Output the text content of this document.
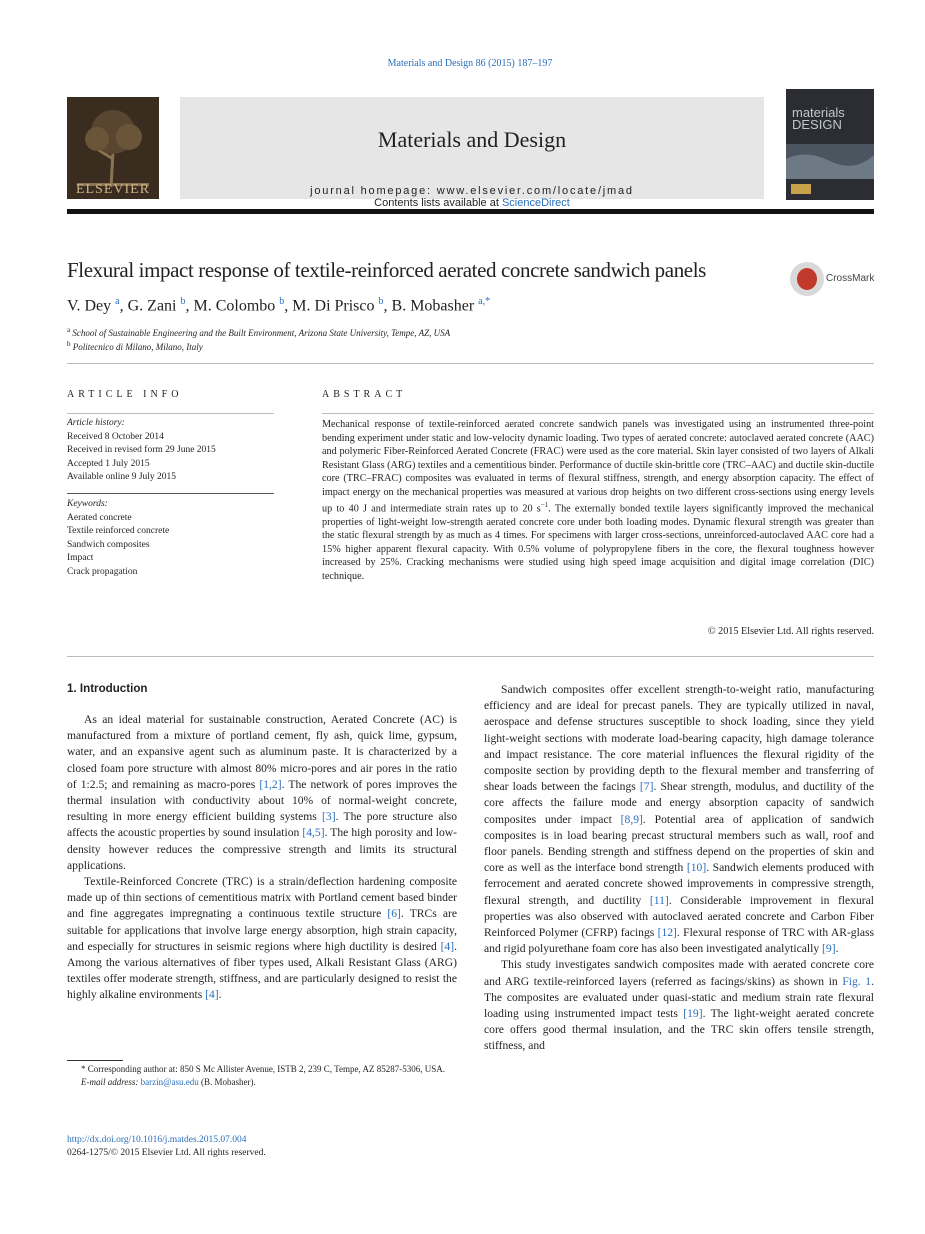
Materials and Design 86 (2015) 187–197
ELSEVIER
Contents lists available at ScienceDirect
Materials and Design
journal homepage: www.elsevier.com/locate/jmad
materials DESIGN
Flexural impact response of textile-reinforced aerated concrete sandwich panels	CrossMark
V. Dey $^a$, G. Zani $^b$, M. Colombo $^b$, M. Di Prisco $^b$, B. Mobasher $^{a,*}$
$^a$ School of Sustainable Engineering and the Built Environment, Arizona State University, Tempe, AZ, USA
$^b$ Politecnico di Milano, Milano, Italy
ARTICLE INFO	ABSTRACT
Article history:
Received 8 October 2014
Received in revised form 29 June 2015
Accepted 1 July 2015
Available online 9 July 2015
Keywords:
Aerated concrete
Textile reinforced concrete
Sandwich composites
Impact
Crack propagation
Mechanical response of textile-reinforced aerated concrete sandwich panels was investigated using an instrumented three-point bending experiment under static and low-velocity dynamic loading. Two types of aerated concrete: autoclaved aerated concrete (AAC) and polymeric Fiber-Reinforced Aerated Concrete (FRAC) were used as the core material. Skin layer consisted of two layers of Alkali Resistant Glass (ARG) textiles and a cementitious binder. Performance of ductile skin-brittle core (TRC–AAC) and ductile skin-ductile core (TRC–FRAC) composites was evaluated in terms of flexural stiffness, strength, and energy absorption capacity. The effect of impact energy on the mechanical properties was measured at various drop heights on two different cross-sections using energy levels up to 40 J and intermediate strain rates up to 20 $s^{-1}$. The externally bonded textile layers significantly improved the mechanical properties of light-weight low-strength aerated concrete core under both loading modes. Dynamic flexural strength was greater than the static flexural strength by as much as 4 times. For specimens with larger cross-sections, unreinforced-autoclaved AAC core had a 15% higher apparent flexural capacity. With 0.5% volume of polypropylene fibers in the core, the flexural toughness however increased by 25%. Cracking mechanisms were studied using high speed image acquisition and digital image correlation (DIC) technique.
© 2015 Elsevier Ltd. All rights reserved.
1. Introduction

As an ideal material for sustainable construction, Aerated Concrete (AC) is manufactured from a mixture of portland cement, fly ash, quick lime, gypsum, water, and an expansive agent such as aluminum paste. It is characterized by a closed foam pore structure with almost 80% micro-pores and air pores in the ratio of 1:2.5; and remaining as macro-pores [1,2]. The network of pores improves the thermal insulation with conductivity about 10% of normal-weight concrete, resulting in more energy efficient building systems [3]. The pore structure also affects the acoustic properties by sound insulation [4,5]. The high porosity and low-density however reduces the compressive strength and limits its structural applications.

Textile-Reinforced Concrete (TRC) is a strain/deflection hardening composite made up of thin sections of cementitious matrix with Portland cement based binder and fine aggregates impregnating a continuous textile structure [6]. TRCs are suitable for applications that involve large energy absorption, high strain capacity, and especially for structures in seismic regions where high ductility is desired [4]. Among the various alternatives of fiber types used, Alkali Resistant Glass (ARG) textiles offer moderate strength, stiffness, and are particularly designed to resist the highly alkaline environments [4].

Sandwich composites offer excellent strength-to-weight ratio, manufacturing efficiency and are ideal for precast panels. They are typically utilized in naval, aerospace and defense structures susceptible to shock loading, since they yield light-weight sections with moderate load-bearing capacity, high damage tolerance and impact resistance. The core material influences the flexural rigidity of the composite section by providing depth to the flexural member and transferring of shear loads between the facings [7]. Shear strength, modulus, and ductility of the core affects the failure mode and energy absorption capacity of sandwich composites under impact [8,9]. Potential area of application of sandwich composites is in load bearing precast structural members such as wall, roof and floor panels. Bending strength and stiffness depend on the properties of skin and core as well as the interface bond strength [10]. Sandwich elements produced with ferrocement and aerated concrete showed improvements in compressive strength, flexural strength, and ductility [11]. Considerable improvement in flexural properties was also observed with autoclaved aerated concrete and Carbon Fiber Reinforced Polymer (CFRP) facings [12]. Flexural response of TRC with AR-glass and rigid polyurethane foam core has also been investigated analytically [9].

This study investigates sandwich composites made with aerated concrete core and ARG textile-reinforced layers (referred as facings/skins) as shown in Fig. 1. The composites are evaluated under quasi-static and medium strain rate flexural loading using instrumented impact tests [19]. The light-weight aerated concrete core offers good thermal insulation, and the TRC skin offers tensile strength, stiffness, and

* Corresponding author at: 850 S Mc Allister Avenue, ISTB 2, 239 C, Tempe, AZ 85287-5306, USA.

E-mail address: barzin@asu.edu (B. Mobasher).

http://dx.doi.org/10.1016/j.matdes.2015.07.004
0264-1275/© 2015 Elsevier Ltd. All rights reserved.
